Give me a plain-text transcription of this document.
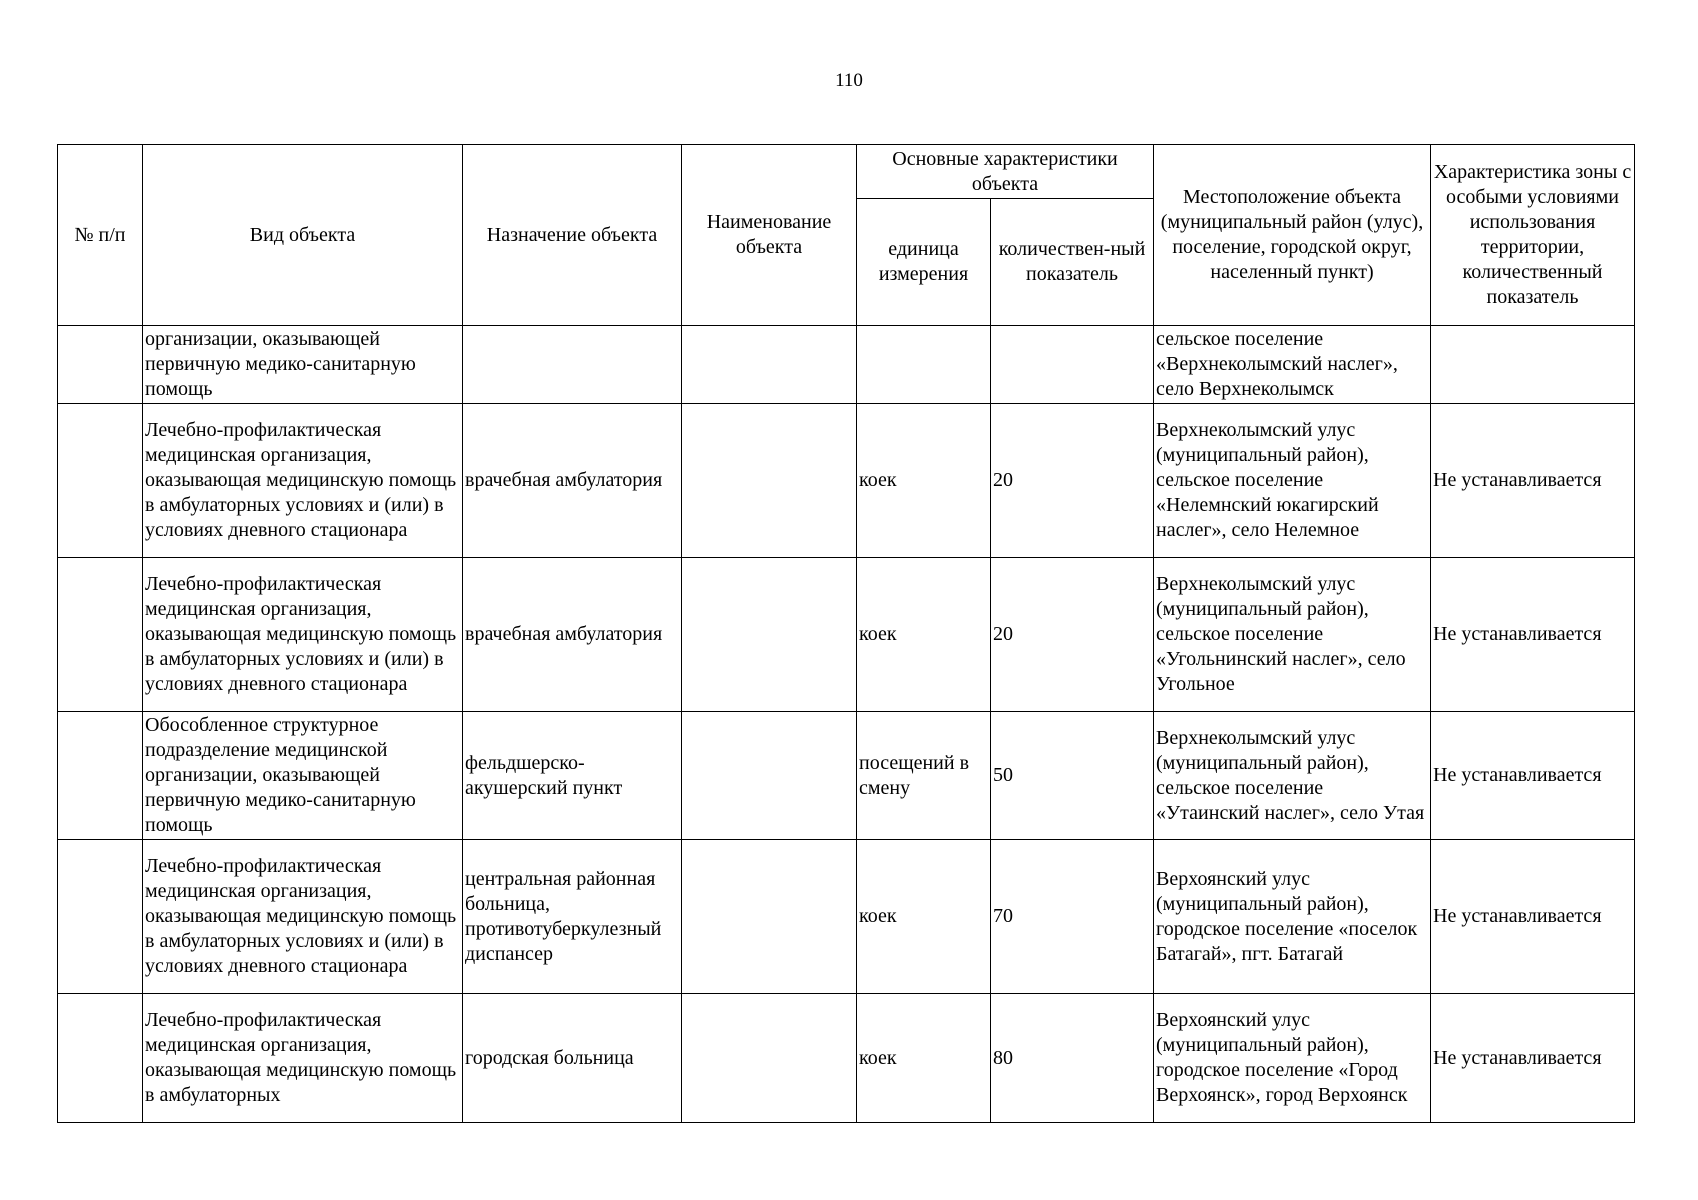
110
№ п/п	Вид объекта	Назначение объекта	Наименование объекта	Основные характеристики объекта		Местоположение объекта (муниципальный район (улус), поселение, городской округ, населенный пункт)	Характеристика зоны с особыми условиями использования территории, количественный показатель
				единица измерения	количествен-ный показатель		
	организации, оказывающей первичную медико-санитарную помощь					сельское поселение «Верхнеколымский наслег», село Верхнеколымск	
	Лечебно-профилактическая медицинская организация, оказывающая медицинскую помощь в амбулаторных условиях и (или) в условиях дневного стационара	врачебная амбулатория		коек	20	Верхнеколымский улус (муниципальный район), сельское поселение «Нелемнский юкагирский наслег», село Нелемное	Не устанавливается
	Лечебно-профилактическая медицинская организация, оказывающая медицинскую помощь в амбулаторных условиях и (или) в условиях дневного стационара	врачебная амбулатория		коек	20	Верхнеколымский улус (муниципальный район), сельское поселение «Угольнинский наслег», село Угольное	Не устанавливается
	Обособленное структурное подразделение медицинской организации, оказывающей первичную медико-санитарную помощь	фельдшерско-акушерский пункт		посещений в смену	50	Верхнеколымский улус (муниципальный район), сельское поселение «Утаинский наслег», село Утая	Не устанавливается
	Лечебно-профилактическая медицинская организация, оказывающая медицинскую помощь в амбулаторных условиях и (или) в условиях дневного стационара	центральная районная больница, противотуберкулезный диспансер		коек	70	Верхоянский улус (муниципальный район), городское поселение «поселок Батагай», пгт. Батагай	Не устанавливается
	Лечебно-профилактическая медицинская организация, оказывающая медицинскую помощь в амбулаторных	городская больница		коек	80	Верхоянский улус (муниципальный район), городское поселение «Город Верхоянск», город Верхоянск	Не устанавливается
